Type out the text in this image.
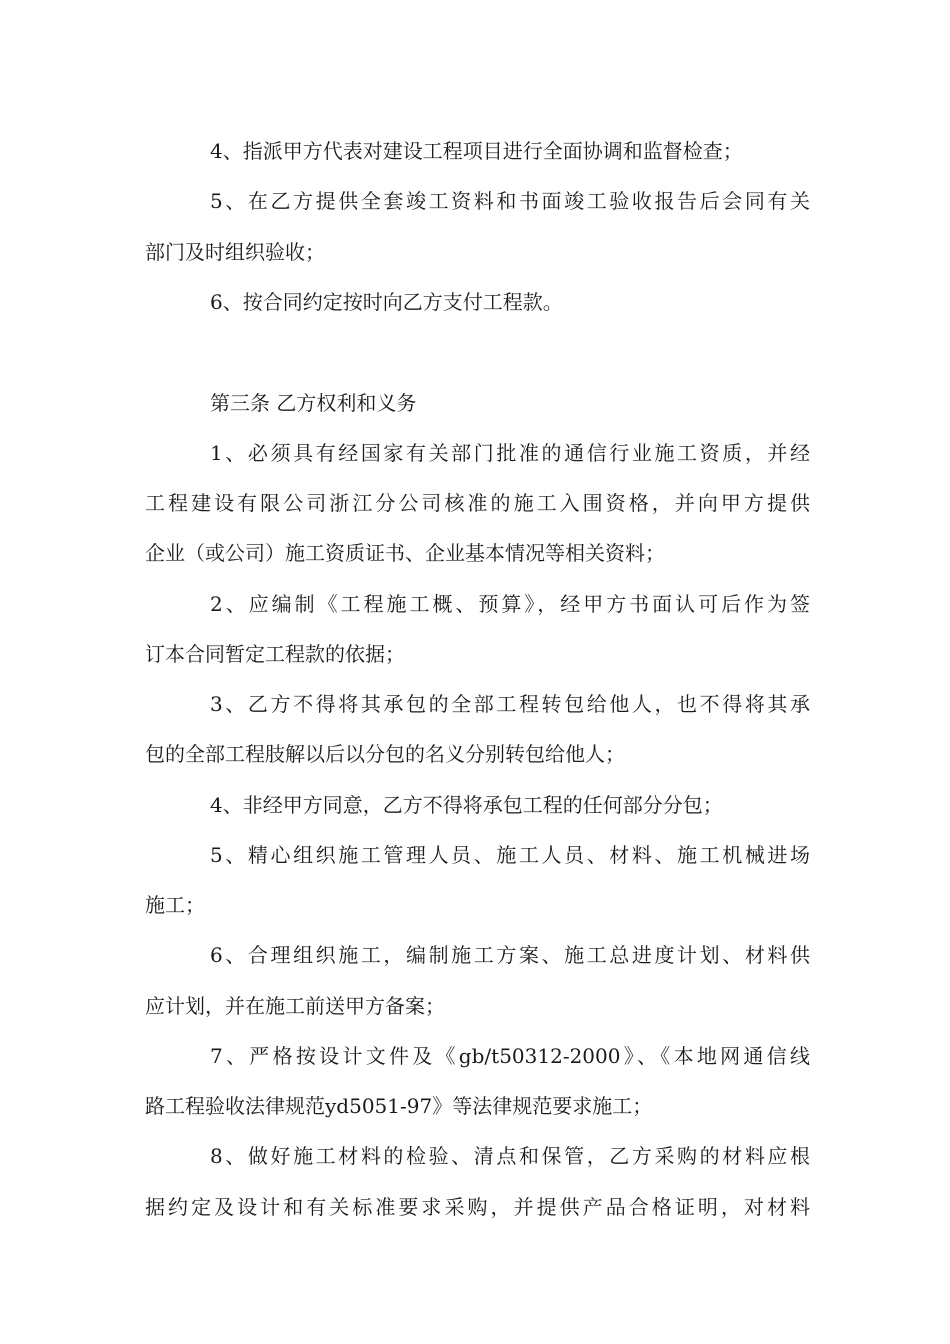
4、指派甲方代表对建设工程项目进行全面协调和监督检查；
5、在乙方提供全套竣工资料和书面竣工验收报告后会同有关
部门及时组织验收；
6、按合同约定按时向乙方支付工程款。
第三条 乙方权利和义务
1、必须具有经国家有关部门批准的通信行业施工资质，并经
工程建设有限公司浙江分公司核准的施工入围资格，并向甲方提供
企业（或公司）施工资质证书、企业基本情况等相关资料；
2、应编制《工程施工概、预算》，经甲方书面认可后作为签
订本合同暂定工程款的依据；
3、乙方不得将其承包的全部工程转包给他人，也不得将其承
包的全部工程肢解以后以分包的名义分别转包给他人；
4、非经甲方同意，乙方不得将承包工程的任何部分分包；
5、精心组织施工管理人员、施工人员、材料、施工机械进场
施工；
6、合理组织施工，编制施工方案、施工总进度计划、材料供
应计划，并在施工前送甲方备案；
7、严格按设计文件及《gb/t50312-2000》、《本地网通信线
路工程验收法律规范yd5051-97》等法律规范要求施工；
8、做好施工材料的检验、清点和保管，乙方采购的材料应根
据约定及设计和有关标准要求采购，并提供产品合格证明，对材料
